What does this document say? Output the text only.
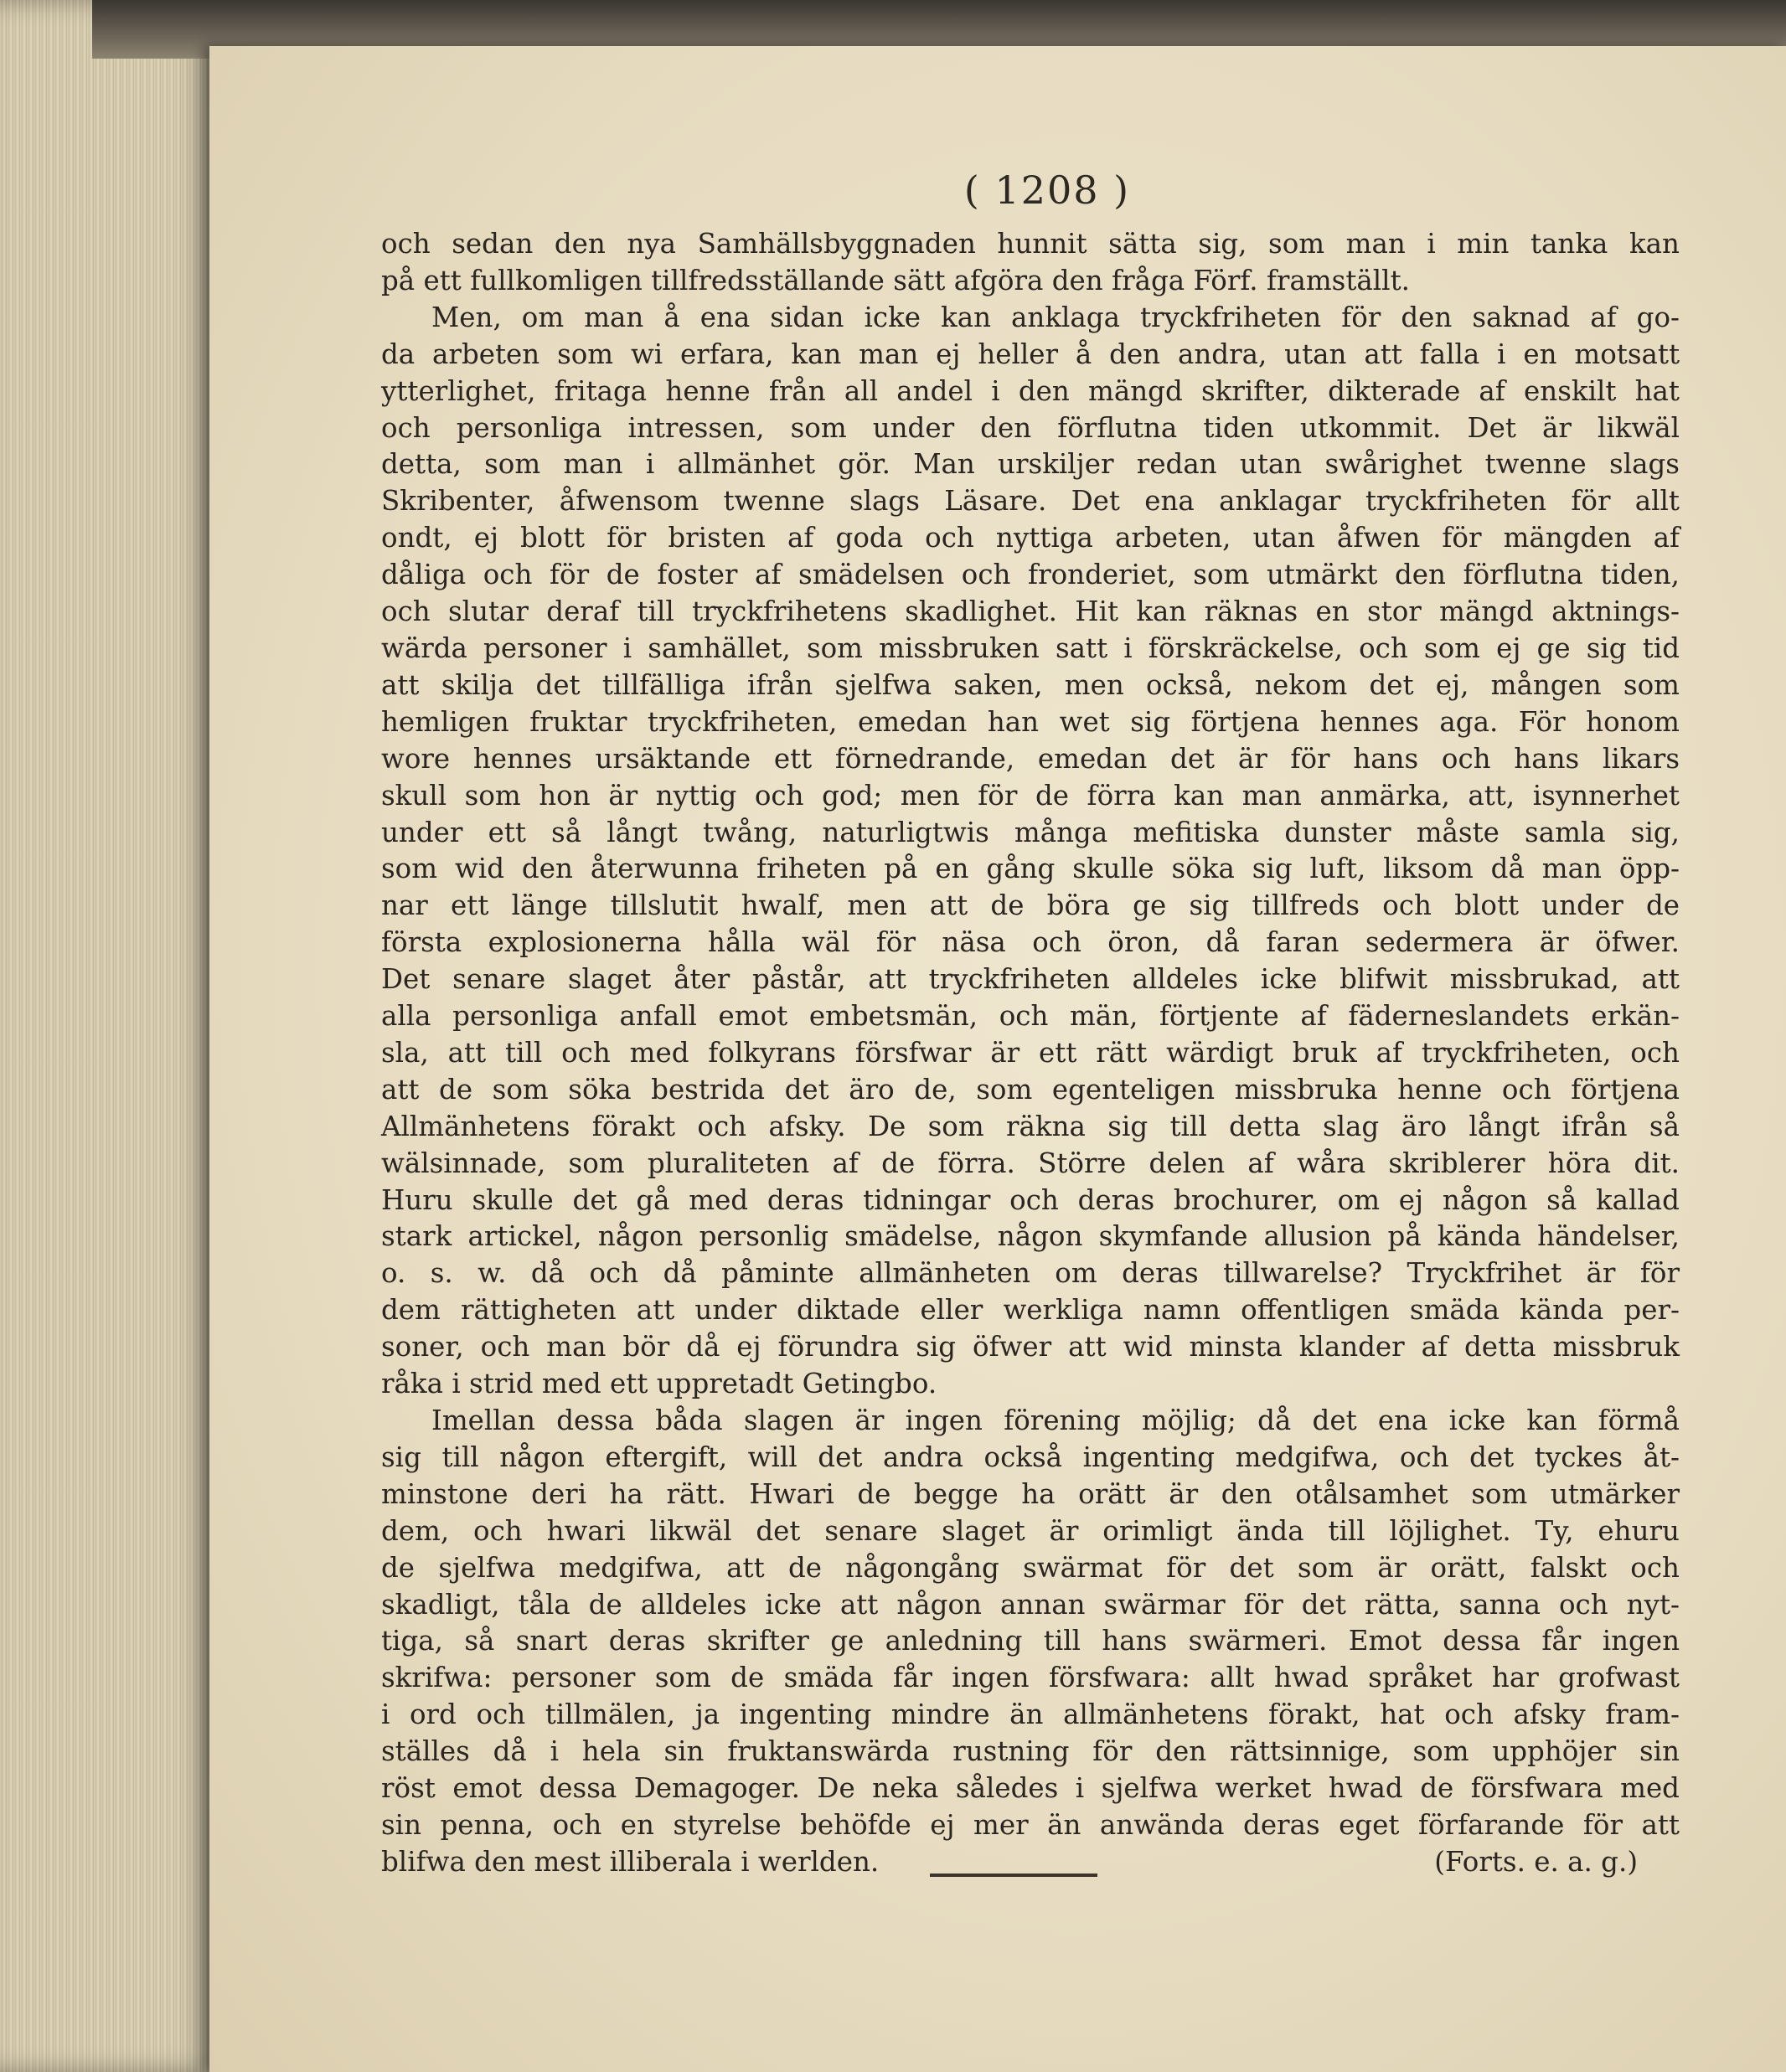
( 1208 )
och sedan den nya Samhällsbyggnaden hunnit sätta sig, som man i min tanka kan
på ett fullkomligen tillfredsställande sätt afgöra den fråga Förf. framställt.
Men, om man å ena sidan icke kan anklaga tryckfriheten för den saknad af go-
da arbeten som wi erfara, kan man ej heller å den andra, utan att falla i en motsatt
ytterlighet, fritaga henne från all andel i den mängd skrifter, dikterade af enskilt hat
och personliga intressen, som under den förflutna tiden utkommit. Det är likwäl
detta, som man i allmänhet gör. Man urskiljer redan utan swårighet twenne slags
Skribenter, åfwensom twenne slags Läsare. Det ena anklagar tryckfriheten för allt
ondt, ej blott för bristen af goda och nyttiga arbeten, utan åfwen för mängden af
dåliga och för de foster af smädelsen och fronderiet, som utmärkt den förflutna tiden,
och slutar deraf till tryckfrihetens skadlighet. Hit kan räknas en stor mängd aktnings-
wärda personer i samhället, som missbruken satt i förskräckelse, och som ej ge sig tid
att skilja det tillfälliga ifrån sjelfwa saken, men också, nekom det ej, mången som
hemligen fruktar tryckfriheten, emedan han wet sig förtjena hennes aga. För honom
wore hennes ursäktande ett förnedrande, emedan det är för hans och hans likars
skull som hon är nyttig och god; men för de förra kan man anmärka, att, isynnerhet
under ett så långt twång, naturligtwis många mefitiska dunster måste samla sig,
som wid den återwunna friheten på en gång skulle söka sig luft, liksom då man öpp-
nar ett länge tillslutit hwalf, men att de böra ge sig tillfreds och blott under de
första explosionerna hålla wäl för näsa och öron, då faran sedermera är öfwer.
Det senare slaget åter påstår, att tryckfriheten alldeles icke blifwit missbrukad, att
alla personliga anfall emot embetsmän, och män, förtjente af fäderneslandets erkän-
sla, att till och med folkyrans försfwar är ett rätt wärdigt bruk af tryckfriheten, och
att de som söka bestrida det äro de, som egenteligen missbruka henne och förtjena
Allmänhetens förakt och afsky. De som räkna sig till detta slag äro långt ifrån så
wälsinnade, som pluraliteten af de förra. Större delen af wåra skriblerer höra dit.
Huru skulle det gå med deras tidningar och deras brochurer, om ej någon så kallad
stark artickel, någon personlig smädelse, någon skymfande allusion på kända händelser,
o. s. w. då och då påminte allmänheten om deras tillwarelse? Tryckfrihet är för
dem rättigheten att under diktade eller werkliga namn offentligen smäda kända per-
soner, och man bör då ej förundra sig öfwer att wid minsta klander af detta missbruk
råka i strid med ett uppretadt Getingbo.
Imellan dessa båda slagen är ingen förening möjlig; då det ena icke kan förmå
sig till någon eftergift, will det andra också ingenting medgifwa, och det tyckes åt-
minstone deri ha rätt. Hwari de begge ha orätt är den otålsamhet som utmärker
dem, och hwari likwäl det senare slaget är orimligt ända till löjlighet. Ty, ehuru
de sjelfwa medgifwa, att de någongång swärmat för det som är orätt, falskt och
skadligt, tåla de alldeles icke att någon annan swärmar för det rätta, sanna och nyt-
tiga, så snart deras skrifter ge anledning till hans swärmeri. Emot dessa får ingen
skrifwa: personer som de smäda får ingen försfwara: allt hwad språket har grofwast
i ord och tillmälen, ja ingenting mindre än allmänhetens förakt, hat och afsky fram-
ställes då i hela sin fruktanswärda rustning för den rättsinnige, som upphöjer sin
röst emot dessa Demagoger. De neka således i sjelfwa werket hwad de försfwara med
sin penna, och en styrelse behöfde ej mer än anwända deras eget förfarande för att
blifwa den mest illiberala i werlden.	(Forts. e. a. g.)
